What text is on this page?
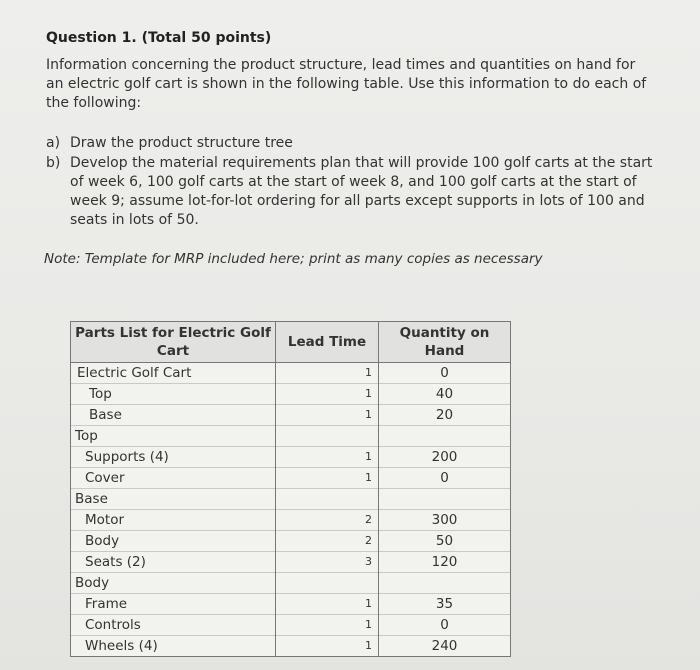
Question 1. (Total 50 points)
Information concerning the product structure, lead times and quantities on hand for an electric golf cart is shown in the following table. Use this information to do each of the following:
a) Draw the product structure tree
b) Develop the material requirements plan that will provide 100 golf carts at the start of week 6, 100 golf carts at the start of week 8, and 100 golf carts at the start of week 9; assume lot-for-lot ordering for all parts except supports in lots of 100 and seats in lots of 50.
Note: Template for MRP included here; print as many copies as necessary
Parts List for Electric Golf Cart	Lead Time	Quantity on Hand
Electric Golf Cart	1	0
Top	1	40
Base	1	20
Top		
Supports (4)	1	200
Cover	1	0
Base		
Motor	2	300
Body	2	50
Seats (2)	3	120
Body		
Frame	1	35
Controls	1	0
Wheels (4)	1	240
